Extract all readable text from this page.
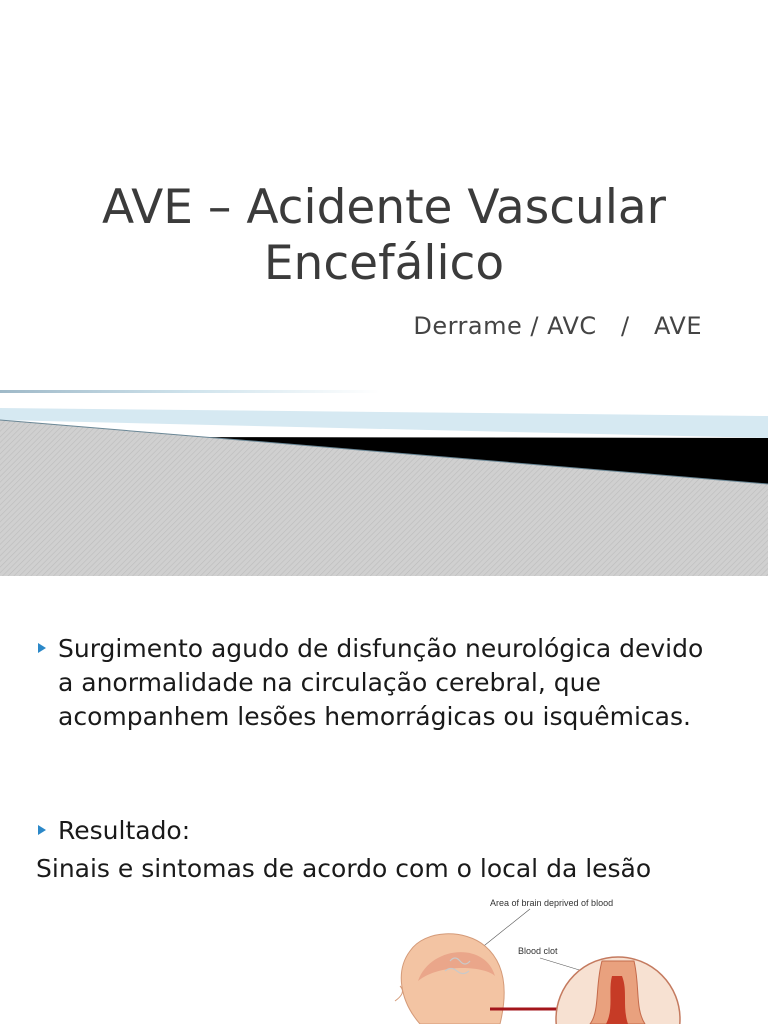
AVE – Acidente Vascular
Encefálico
Derrame / AVC   /   AVE
Surgimento agudo de disfunção neurológica devido a anormalidade na circulação cerebral, que acompanhem lesões hemorrágicas ou isquêmicas.
Resultado:
Sinais e sintomas de acordo com o local da lesão
Area of brain deprived of blood
Blood clot
